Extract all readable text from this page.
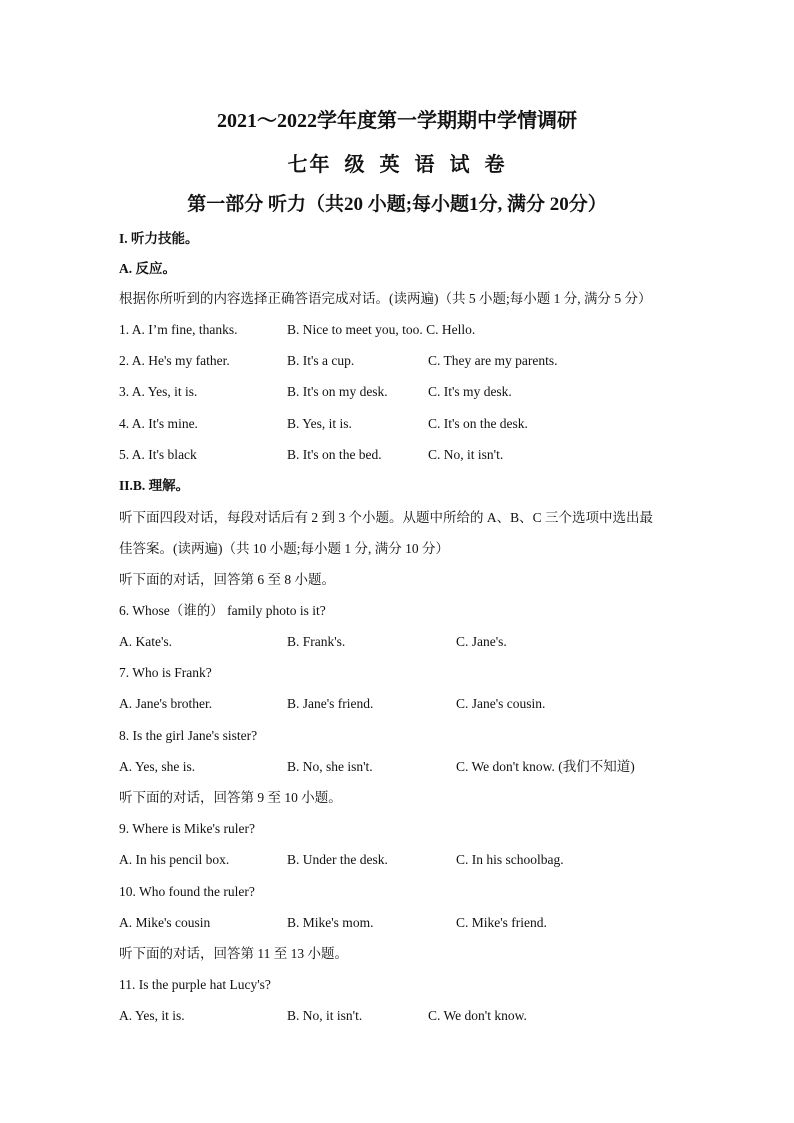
2021～2022学年度第一学期期中学情调研
七年 级 英 语 试 卷
第一部分 听力（共20 小题;每小题1分, 满分 20分）
I. 听力技能。
A. 反应。
根据你所听到的内容选择正确答语完成对话。(读两遍)（共 5 小题;每小题 1 分, 满分 5 分）
1. A. I’m fine, thanks.	B. Nice to meet you, too. C. Hello.
2. A. He's my father.	B. It's a cup.	C. They are my parents.
3. A. Yes, it is.	B. It's on my desk.	C. It's my desk.
4. A. It's mine.	B. Yes, it is.	C. It's on the desk.
5. A. It's black	B. It's on the bed.	C. No, it isn't.
II.B. 理解。
听下面四段对话，每段对话后有 2 到 3 个小题。从题中所给的 A、B、C 三个选项中选出最
佳答案。(读两遍)（共 10 小题;每小题 1 分, 满分 10 分）
听下面的对话，回答第 6 至 8 小题。
6. Whose（谁的） family photo is it?
A. Kate's.	B. Frank's.	C. Jane's.
7. Who is Frank?
A. Jane's brother.	B. Jane's friend.	C. Jane's cousin.
8. Is the girl Jane's sister?
A. Yes, she is.	B. No, she isn't.	C. We don't know. (我们不知道)
听下面的对话，回答第 9 至 10 小题。
9. Where is Mike's ruler?
A. In his pencil box.	B. Under the desk.	C. In his schoolbag.
10. Who found the ruler?
A. Mike's cousin	B. Mike's mom.	C. Mike's friend.
听下面的对话，回答第 11 至 13 小题。
11. Is the purple hat Lucy's?
A. Yes, it is.	B. No, it isn't.	C. We don't know.
